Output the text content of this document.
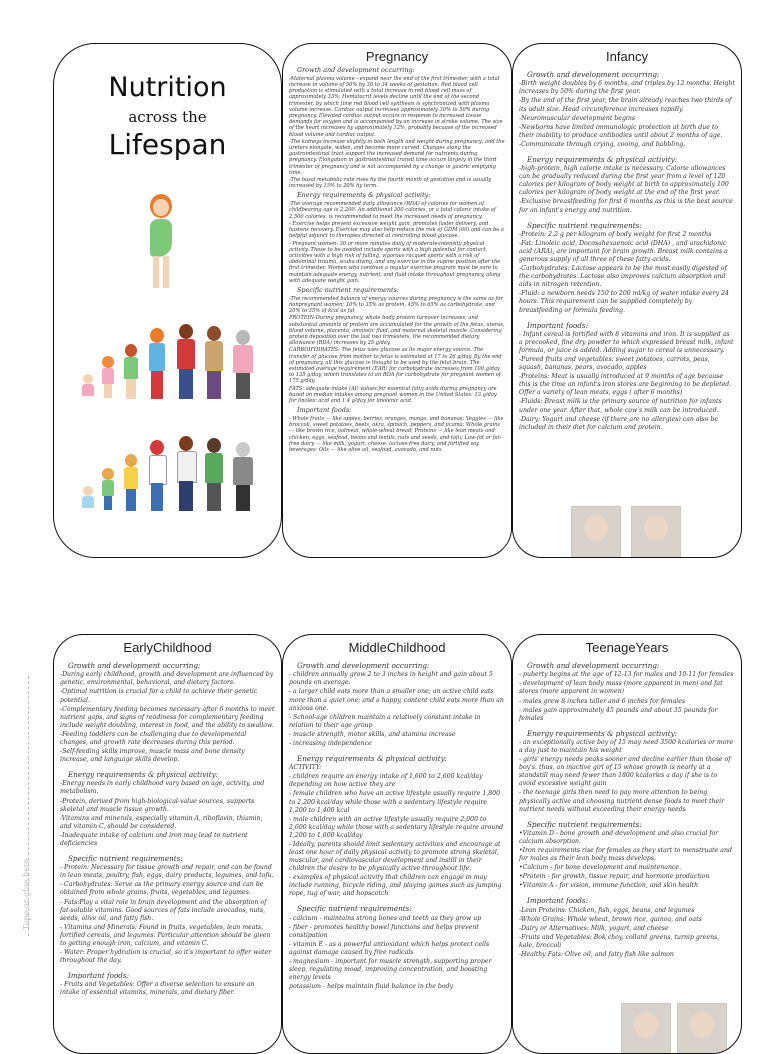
Nutrition
across the
Lifespan
Pregnancy

Growth and development occurring:

-Maternal plasma volume - expand near the end of the first trimester, with a total increase in volume of 50% by 30 to 34 weeks of gestation. Red blood cell production is stimulated with a total increase in red blood cell mass of approximately 33%. Hematocrit levels decline until the end of the second trimester, by which time red blood cell synthesis is synchronized with plasma volume increase. Cardiac output increases approximately 30% to 50% during pregnancy. Elevated cardiac output occurs in response to increased tissue demands for oxygen and is accompanied by an increase in stroke volume. The size of the heart increases by approximately 12%, probably because of the increased blood volume and cardiac output.

-The kidneys increase slightly in both length and weight during pregnancy; and the ureters elongate, widen, and become more curved. Changes along the gastrointestinal tract support the increased demand for nutrients during pregnancy. Elongation in gastrointestinal transit time occurs largely in the third trimester of pregnancy and is not accompanied by a change in gastric emptying time.

-The basal metabolic rate rises by the fourth month of gestation and is usually increased by 15% to 20% by term.

Energy requirements & physical activity:

-The average recommended daily allowance (RDA) of calories for women of childbearing age is 2,200. An additional 300 calories, or a total caloric intake of 2,500 calories, is recommended to meet the increased needs of pregnancy.

- Exercise helps prevent excessive weight gain, promotes faster delivery, and hastens recovery. Exercise may also help reduce the risk of GDM (60) and can be a helpful adjunct to therapies directed at controlling blood glucose.

- Pregnant women- 30 or more minutes daily of moderate-intensity physical activity. Those to be avoided include sports with a high potential for contact, activities with a high risk of falling, vigorous racquet sports with a risk of abdominal trauma, scuba diving, and any exercise in the supine position after the first trimester. Women who continue a regular exercise program must be sure to maintain adequate energy, nutrient, and fluid intake throughout pregnancy, along with adequate weight gain.

Specific nutrient requirements:

-The recommended balance of energy sources during pregnancy is the same as for nonpregnant women: 10% to 35% as protein, 45% to 65% as carbohydrate, and 20% to 35% of kcal as fat

PROTEIN-During pregnancy, whole body protein turnover increases, and substantial amounts of protein are accumulated for the growth of the fetus, uterus, blood volume, placenta, amniotic fluid, and maternal skeletal muscle. Considering protein deposition over the last two trimesters, the recommended dietary allowance (RDA) increases by 25 g/day.

CARBOHYDRATES: The fetus uses glucose as its major energy source. The transfer of glucose from mother to fetus is estimated at 17 to 26 g/day. By the end of pregnancy, all this glucose is thought to be used by the fetal brain. The estimated average requirement (EAR) for carbohydrate increases from 100 g/day to 135 g/day, which translates to an RDA for carbohydrate for pregnant women of 175 g/day.

FATS: adequate intake (AI) values for essential fatty acids during pregnancy are based on median intakes among pregnant women in the United States: 13 g/day for linoleic acid and 1.4 g/day for linolenic acid.

Important foods:

- Whole fruits — like apples, berries, oranges, mango, and bananas; Veggies — like broccoli, sweet potatoes, beets, okra, spinach, peppers, and jicama; Whole grains — like brown rice, oatmeal, whole-wheat bread; Proteins — like lean meats and chicken, eggs, seafood, beans and lentils, nuts and seeds, and tofu; Low-fat or fat-free dairy — like milk, yogurt, cheese, lactose-free dairy, and fortified soy beverages; Oils — like olive oil, seafood, avocado, and nuts

Infancy

Growth and development occurring:

-Birth weight doubles by 6 months, and triples by 12 months. Height increases by 50% during the first year.

-By the end of the first year, the brain already reaches two thirds of its adult size. Head circumference increases rapidly.

-Neuromuscular development begins

-Newborns have limited immunologic protection at birth due to their inability to produce antibodies until about 2 months of age.

-Communicate through crying, cooing, and babbling.

Energy requirements & physical activity:

-high-protein, high calorie intake is necessary. Calorie allowances can be gradually reduced during the first year from a level of 120 calories per kilogram of body weight at birth to approximately 100 calories per kilogram of body weight at the end of the first year.

-Exclusive breastfeeding for first 6 months as this is the best source for an infant's energy and nutrition.

Specific nutrient requirements:

-Protein: 2.2 g per kilogram of body weight for first 2 months

-Fat: Linoleic acid, Docosahexaenoic acid (DHA) , and arachidonic acid (ARA), are important for brain growth. Breast milk contains a generous supply of all three of these fatty acids.

-Carbohydrates: Lactose appears to be the most easily digested of the carbohydrates. Lactose also improves calcium absorption and aids in nitrogen retention.

-Fluid: a newborn needs 150 to 200 ml/kg of water intake every 24 hours. This requirement can be supplied completely by breastfeeding or formula feeding.

Important foods:

- Infant cereal is fortified with 8 vitamins and iron. It is supplied as a precooked, fine dry powder to which expressed breast milk, infant formula, or juice is added. Adding sugar to cereal is unnecessary.

-Pureed fruits and vegetables: sweet potatoes, carrots, peas, squash, bananas, pears, avocado, apples

-Proteins: Meat is usually introduced at 9 months of age because this is the time an infant's iron stores are beginning to be depleted. Offer a variety of lean meats, eggs ( after 6 months)

-Fluids: Breast milk is the primary source of nutrition for infants under one year. After that, whole cow's milk can be introduced.

-Dairy: Yogurt and cheese (if there are no allergies) can also be included in their diet for calcium and protein.

Tape or glue here
EarlyChildhood

Growth and development occurring:

-During early childhood, growth and development are influenced by genetic, environmental, behavioral, and dietary factors.

-Optimal nutrition is crucial for a child to achieve their genetic potential.

-Complementary feeding becomes necessary after 6 months to meet nutrient gaps, and signs of readiness for complementary feeding include weight doubling, interest in food, and the ability to swallow.

-Feeding toddlers can be challenging due to developmental changes, and growth rate decreases during this period.

-Self-feeding skills improve, muscle mass and bone density increase, and language skills develop.

Energy requirements & physical activity:

-Energy needs in early childhood vary based on age, activity, and metabolism.

-Protein, derived from high-biological-value sources, supports skeletal and muscle tissue growth.

-Vitamins and minerals, especially vitamin A, riboflavin, thiamin, and vitamin C, should be considered.

-Inadequate intake of calcium and iron may lead to nutrient deficiencies

Specific nutrient requirements:

- Protein: Necessary for tissue growth and repair, and can be found in lean meats, poultry, fish, eggs, dairy products, legumes, and tofu.

- Carbohydrates: Serve as the primary energy source and can be obtained from whole grains, fruits, vegetables, and legumes.

- Fats:Play a vital role in brain development and the absorption of fat-soluble vitamins. Good sources of fats include avocados, nuts, seeds, olive oil, and fatty fish.

- Vitamins and Minerals: Found in fruits, vegetables, lean meats, fortified cereals, and legumes. Particular attention should be given to getting enough iron, calcium, and vitamin C.

- Water: Proper hydration is crucial, so it's important to offer water throughout the day.

Important foods:

- Fruits and Vegetables: Offer a diverse selection to ensure an intake of essential vitamins, minerals, and dietary fiber.

MiddleChildhood

Growth and development occurring:

- children annually grow 2 to 3 inches in height and gain about 5 pounds on average.

- a larger child eats more than a smaller one; an active child eats more than a quiet one; and a happy, content child eats more than an anxious one.

- School-age children maintain a relatively constant intake in relation to their age group

- muscle strength, motor skills, and stamina increase

- increasing independence

Energy requirements & physical activity:

ACTIVITY:

- children require an energy intake of 1,600 to 2,600 kcal/day depending on how active they are

- female children who have an active lifestyle usually require 1,800 to 2,200 kcal/day while those with a sedentary lifestyle require 1,200 to 1,400 kcal

- male children with an active lifestyle usually require 2,000 to 2,600 kcal/day while those with a sedentary lifestyle require around 1,200 to 1,600 kcal/day

- Ideally, parents should limit sedentary activities and encourage at least one hour of daily physical activity to promote strong skeletal, muscular, and cardiovascular development and instill in their children the desire to be physically active throughout life.

- examples of physical activity that children can engage in may include running, bicycle riding, and playing games such as jumping rope, tug of war, and hopscotch

Specific nutrient requirements:

- calcium - maintains strong bones and teeth as they grow up

- fiber - promotes healthy bowel functions and helps prevent constipation

- vitamin E - as a powerful antioxidant which helps protect cells against damage caused by free radicals

- magnesium - important for muscle strength, supporting proper sleep, regulating mood, improving concentration, and boosting energy levels

potassium - helps maintain fluid balance in the body

TeenageYears

Growth and development occurring:

- puberty begins at the age of 12-13 for males and 10-11 for females

- development of lean body mass (more apparent in men) and fat stores (more apparent in women)

- males grew 8 inches taller and 6 inches for females

- males gain approximately 45 pounds and about 35 pounds for females

Energy requirements & physical activity:

- an exceptionally active boy of 15 may need 3500 kcalories or more a day just to maintain his weight

- girls' energy needs peaks sooner and decline earlier than those of boy's. thus, an inactive girl of 15 whose growth is nearly at a standstill may need fewer than 1800 kcalories a day if she is to avoid excessive weight gain

- the teenage girls then need to pay more attention to being physically active and choosing nutrient dense foods to meet their nutrient needs without exceeding their energy needs

Specific nutrient requirements:

•Vitamin D - bone growth and development and also crucial for calcium absorption.

•Iron requirements rise for females as they start to menstruate and for males as their lean body mass develops.

•Calcium - for bone development and maintenance.

•Protein - for growth, tissue repair, and hormone production

•Vitamin A - for vision, immune function, and skin health

Important foods:

-Lean Proteins: Chicken, fish, eggs, beans, and legumes

-Whole Grains: Whole wheat, brown rice, quinoa, and oats

-Dairy or Alternatives: Milk, yogurt, and cheese

-Fruits and Vegetables: Bok choy, collard greens, turnip greens, kale, broccoli

-Healthy Fats: Olive oil, and fatty fish like salmon
